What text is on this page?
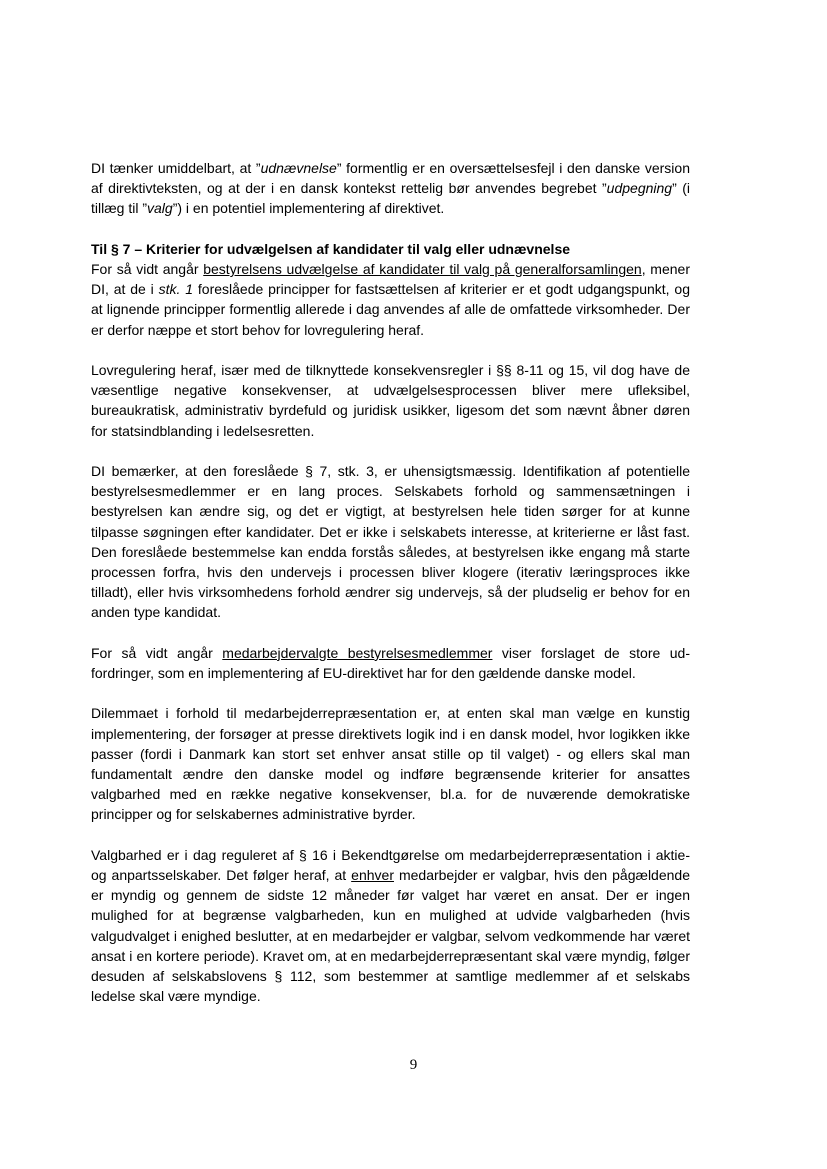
DI tænker umiddelbart, at ”udnævnelse” formentlig er en oversættelsesfejl i den danske version af direktivteksten, og at der i en dansk kontekst rettelig bør anvendes begrebet ”udpegning” (i tillæg til ”valg”) i en potentiel implementering af direktivet.

Til § 7 – Kriterier for udvælgelsen af kandidater til valg eller udnævnelse

For så vidt angår bestyrelsens udvælgelse af kandidater til valg på generalforsamlingen, mener DI, at de i stk. 1 foreslåede principper for fastsættelsen af kriterier er et godt udgangspunkt, og at lignende principper formentlig allerede i dag anvendes af alle de omfattede virksomheder. Der er derfor næppe et stort behov for lovregulering heraf.

Lovregulering heraf, især med de tilknyttede konsekvensregler i §§ 8-11 og 15, vil dog have de væsentlige negative konsekvenser, at udvælgelsesprocessen bliver mere ufleksibel, bureaukratisk, administrativ byrdefuld og juridisk usikker, ligesom det som nævnt åbner døren for statsindblanding i ledelsesretten.

DI bemærker, at den foreslåede § 7, stk. 3, er uhensigtsmæssig. Identifikation af potentielle bestyrelsesmedlemmer er en lang proces. Selskabets forhold og sammensætningen i bestyrelsen kan ændre sig, og det er vigtigt, at bestyrelsen hele tiden sørger for at kunne tilpasse søgningen efter kandidater. Det er ikke i selskabets interesse, at kriterierne er låst fast. Den foreslåede bestemmelse kan endda forstås således, at bestyrelsen ikke engang må starte processen forfra, hvis den undervejs i processen bliver klogere (iterativ læringsproces ikke tilladt), eller hvis virksomhedens forhold ændrer sig undervejs, så der pludselig er behov for en anden type kandidat.

For så vidt angår medarbejdervalgte bestyrelsesmedlemmer viser forslaget de store udfordringer, som en implementering af EU-direktivet har for den gældende danske model.

Dilemmaet i forhold til medarbejderrepræsentation er, at enten skal man vælge en kunstig implementering, der forsøger at presse direktivets logik ind i en dansk model, hvor logikken ikke passer (fordi i Danmark kan stort set enhver ansat stille op til valget) - og ellers skal man fundamentalt ændre den danske model og indføre begrænsende kriterier for ansattes valgbarhed med en række negative konsekvenser, bl.a. for de nuværende demokratiske principper og for selskabernes administrative byrder.

Valgbarhed er i dag reguleret af § 16 i Bekendtgørelse om medarbejderrepræsentation i aktie- og anpartsselskaber. Det følger heraf, at enhver medarbejder er valgbar, hvis den pågældende er myndig og gennem de sidste 12 måneder før valget har været en ansat. Der er ingen mulighed for at begrænse valgbarheden, kun en mulighed at udvide valgbarheden (hvis valgudvalget i enighed beslutter, at en medarbejder er valgbar, selvom vedkommende har været ansat i en kortere periode). Kravet om, at en medarbejderrepræsentant skal være myndig, følger desuden af selskabslovens § 112, som bestemmer at samtlige medlemmer af et selskabs ledelse skal være myndige.

9
